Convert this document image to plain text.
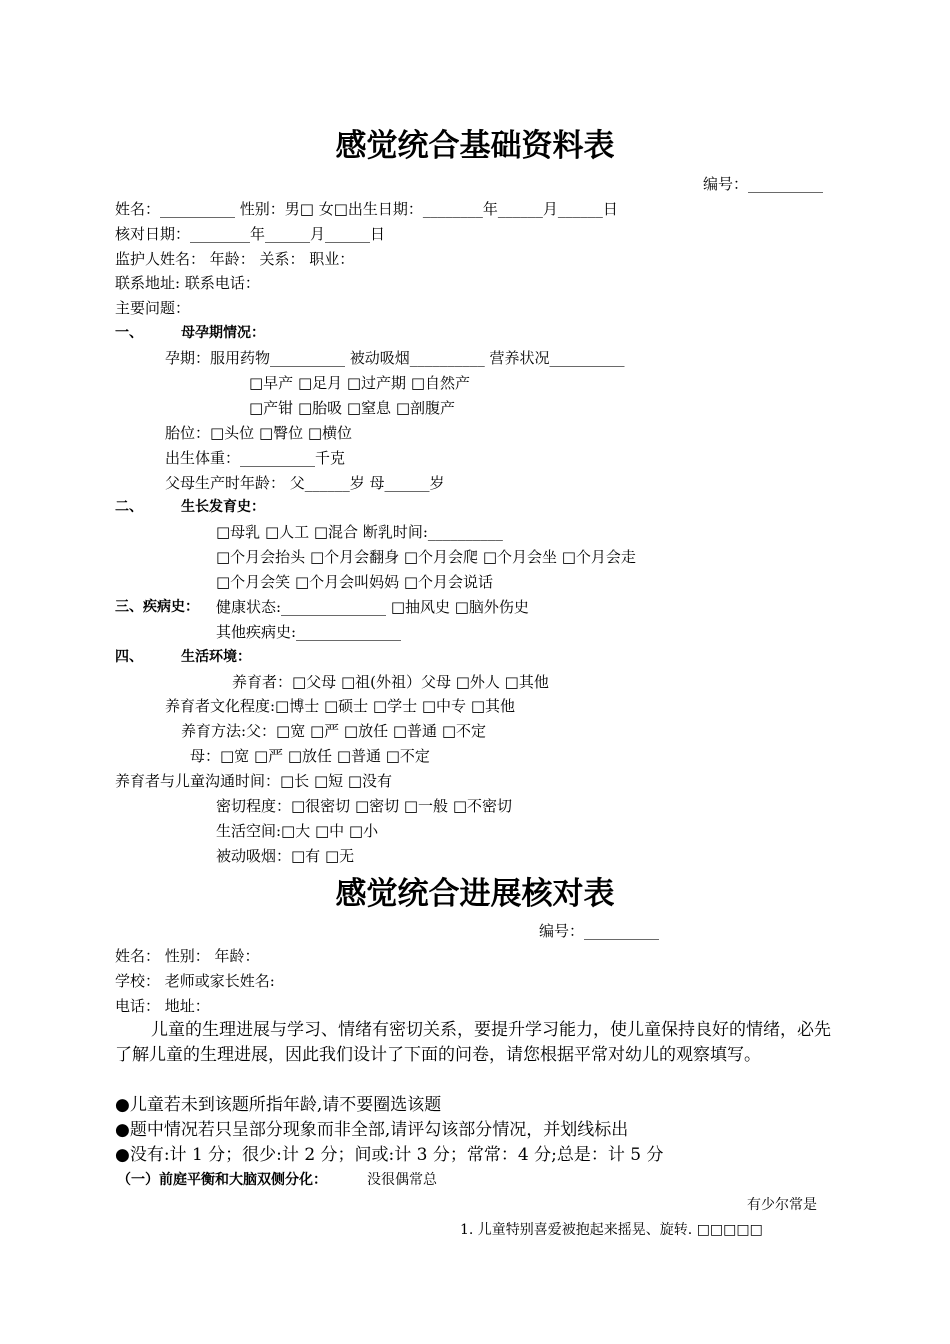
感觉统合基础资料表
编号：__________
姓名：__________ 性别：男□ 女□出生日期：________年______月______日
核对日期：________年______月______日
监护人姓名： 年龄： 关系： 职业：
联系地址: 联系电话：
主要问题：
一、	母孕期情况：
孕期：服用药物__________ 被动吸烟__________ 营养状况__________
□早产 □足月 □过产期 □自然产
□产钳 □胎吸 □窒息 □剖腹产
胎位：□头位 □臀位 □横位
出生体重：__________千克
父母生产时年龄： 父______岁 母______岁
二、	生长发育史：
□母乳 □人工 □混合 断乳时间:__________
□个月会抬头 □个月会翻身 □个月会爬 □个月会坐 □个月会走
□个月会笑 □个月会叫妈妈 □个月会说话
三、疾病史： 健康状态:______________ □抽风史 □脑外伤史
其他疾病史:______________
四、	生活环境：
养育者：□父母 □祖(外祖）父母 □外人 □其他
养育者文化程度:□博士 □硕士 □学士 □中专 □其他
养育方法:父：□宽 □严 □放任 □普通 □不定
母：□宽 □严 □放任 □普通 □不定
养育者与儿童沟通时间：□长 □短 □没有
密切程度：□很密切 □密切 □一般 □不密切
生活空间:□大 □中 □小
被动吸烟：□有 □无
感觉统合进展核对表
编号：__________
姓名： 性别： 年龄：
学校： 老师或家长姓名:
电话： 地址：
儿童的生理进展与学习、情绪有密切关系，要提升学习能力，使儿童保持良好的情绪，必先了解儿童的生理进展，因此我们设计了下面的问卷，请您根据平常对幼儿的观察填写。
●儿童若未到该题所指年龄,请不要圈选该题
●题中情况若只呈部分现象而非全部,请评勾该部分情况，并划线标出
●没有:计 1 分；很少:计 2 分；间或:计 3 分；常常：4 分;总是：计 5 分
（一）前庭平衡和大脑双侧分化：	没很偶常总
有少尔常是
1. 儿童特别喜爱被抱起来摇晃、旋转. □□□□□
